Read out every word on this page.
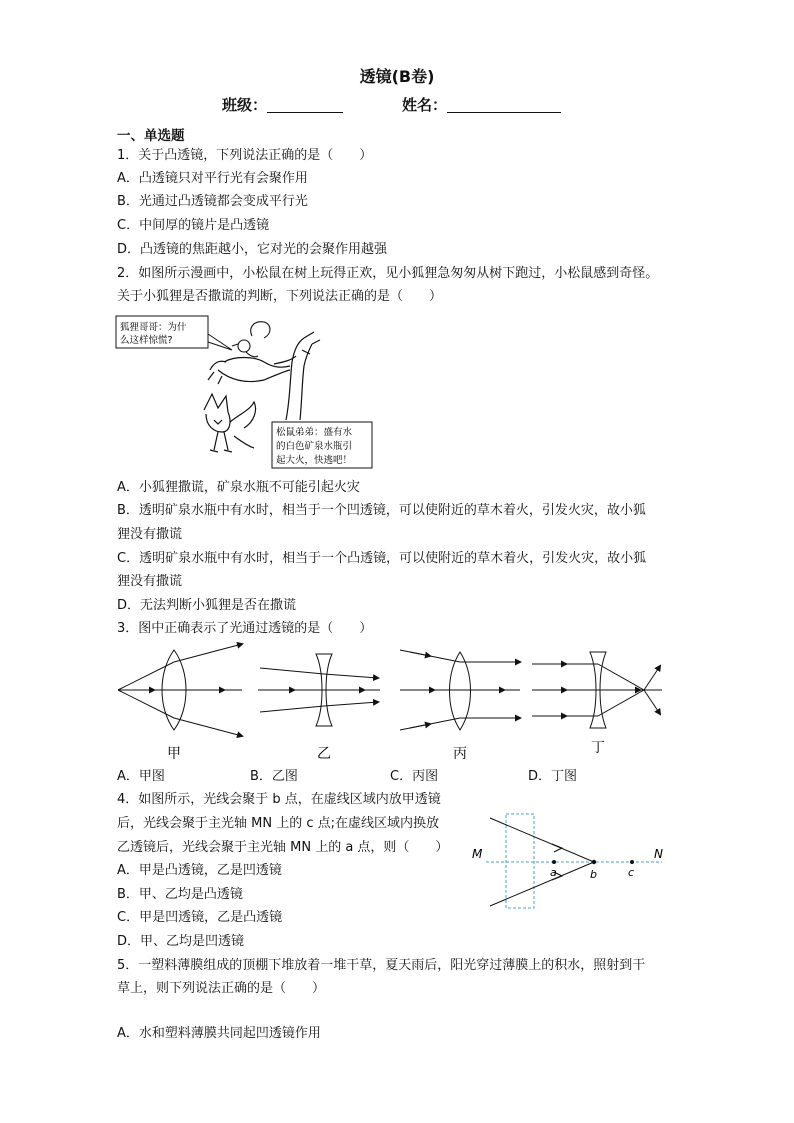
透镜(B卷)
班级：	姓名：
一、单选题
1．关于凸透镜，下列说法正确的是（　　）
A．凸透镜只对平行光有会聚作用
B．光通过凸透镜都会变成平行光
C．中间厚的镜片是凸透镜
D．凸透镜的焦距越小，它对光的会聚作用越强
2．如图所示漫画中，小松鼠在树上玩得正欢，见小狐狸急匆匆从树下跑过，小松鼠感到奇怪。
关于小狐狸是否撒谎的判断，下列说法正确的是（　　）
狐狸哥哥：为什
么这样惊慌?
松鼠弟弟：盛有水
的白色矿泉水瓶引
起大火，快逃吧！
A．小狐狸撒谎，矿泉水瓶不可能引起火灾
B．透明矿泉水瓶中有水时，相当于一个凹透镜，可以使附近的草木着火，引发火灾，故小狐
狸没有撒谎
C．透明矿泉水瓶中有水时，相当于一个凸透镜，可以使附近的草木着火，引发火灾，故小狐
狸没有撒谎
D．无法判断小狐狸是否在撒谎
3．图中正确表示了光通过透镜的是（　　）
甲	乙	丙	丁
A．甲图	B．乙图	C．丙图	D．丁图
4．如图所示，光线会聚于 b 点，在虚线区域内放甲透镜
后，光线会聚于主光轴 MN 上的 c 点;在虚线区域内换放
乙透镜后，光线会聚于主光轴 MN 上的 a 点，则（　　） M	N
a	b	c
A．甲是凸透镜，乙是凹透镜
B．甲、乙均是凸透镜
C．甲是凹透镜，乙是凸透镜
D．甲、乙均是凹透镜
5．一塑料薄膜组成的顶棚下堆放着一堆干草，夏天雨后，阳光穿过薄膜上的积水，照射到干
草上，则下列说法正确的是（　　）
A．水和塑料薄膜共同起凹透镜作用
